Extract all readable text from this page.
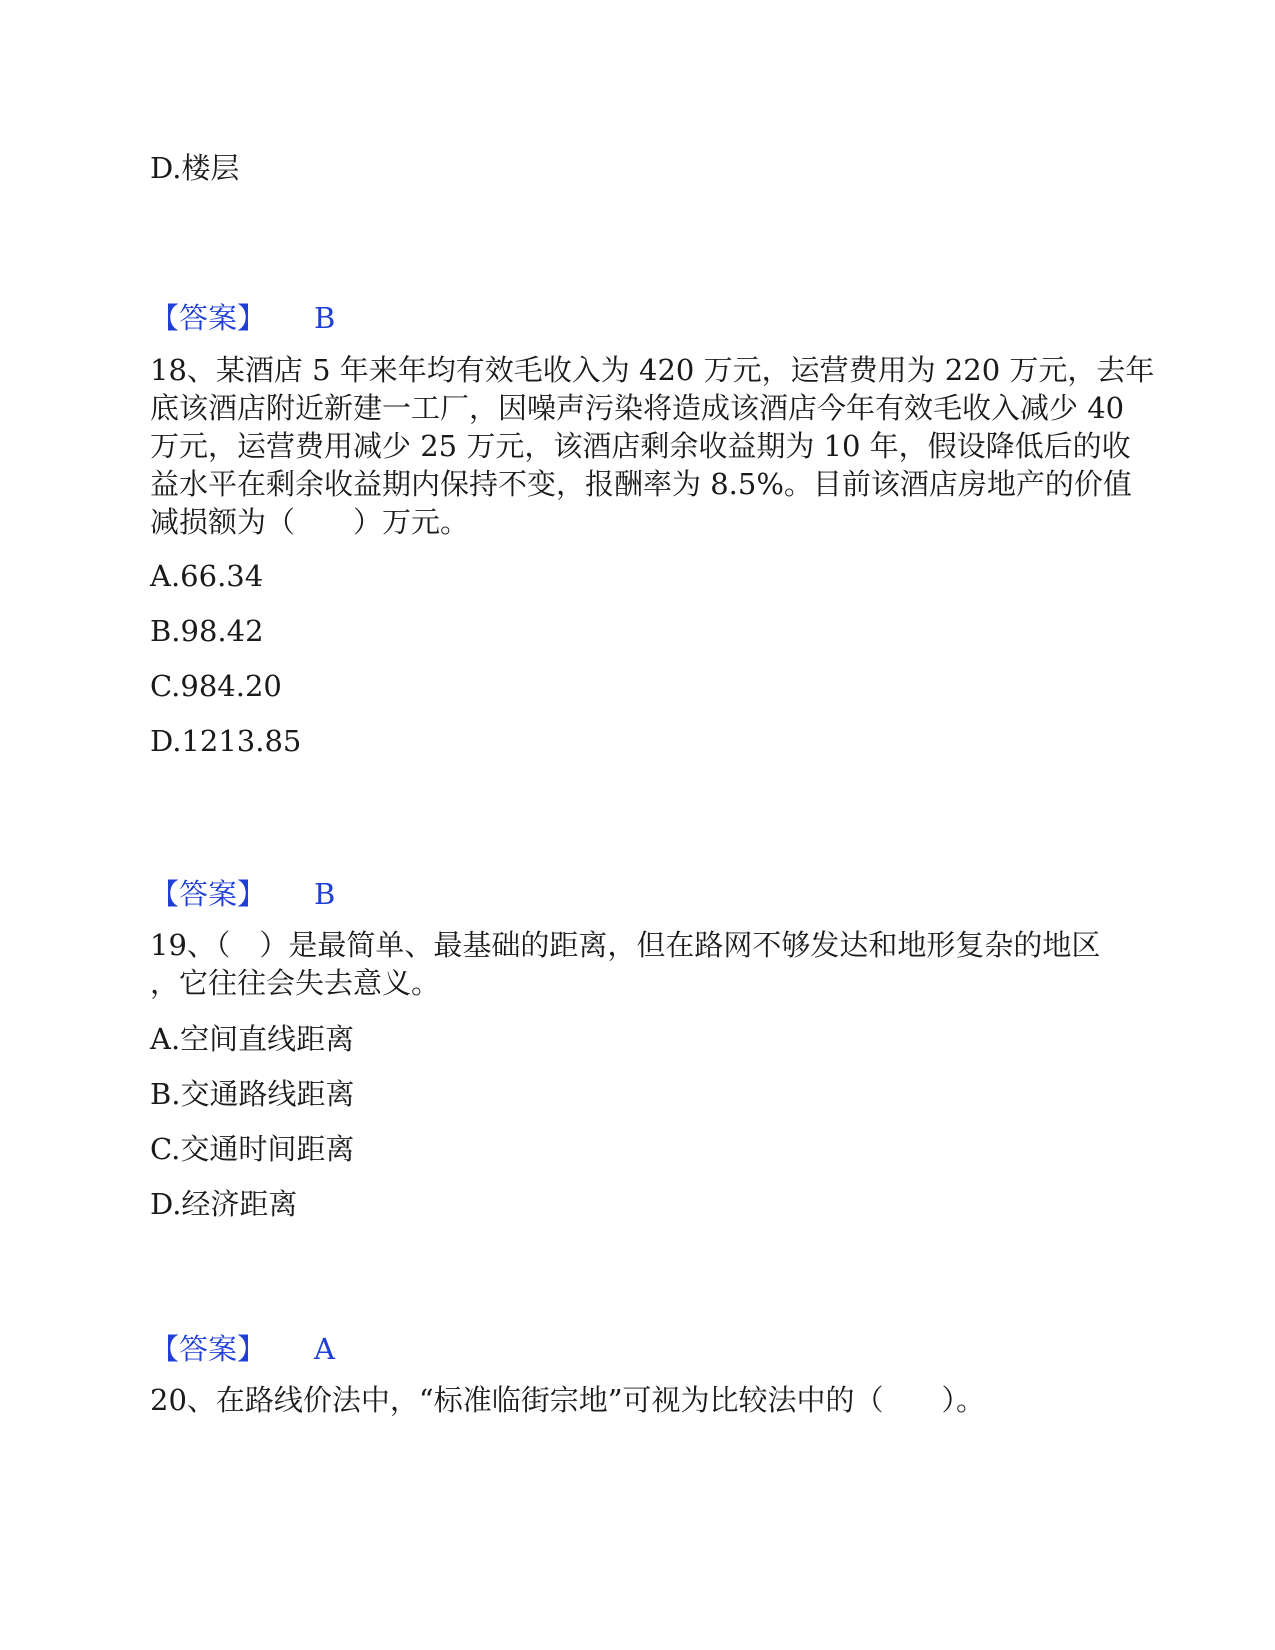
D.楼层
【答案】 B
18、某酒店 5 年来年均有效毛收入为 420 万元，运营费用为 220 万元，去年
底该酒店附近新建一工厂，因噪声污染将造成该酒店今年有效毛收入减少 40
万元，运营费用减少 25 万元，该酒店剩余收益期为 10 年，假设降低后的收
益水平在剩余收益期内保持不变，报酬率为 8.5%。目前该酒店房地产的价值
减损额为（　　）万元。
A.66.34
B.98.42
C.984.20
D.1213.85
【答案】 B
19、（　）是最简单、最基础的距离，但在路网不够发达和地形复杂的地区
，它往往会失去意义。
A.空间直线距离
B.交通路线距离
C.交通时间距离
D.经济距离
【答案】 A
20、在路线价法中，“标准临街宗地”可视为比较法中的（　　）。
